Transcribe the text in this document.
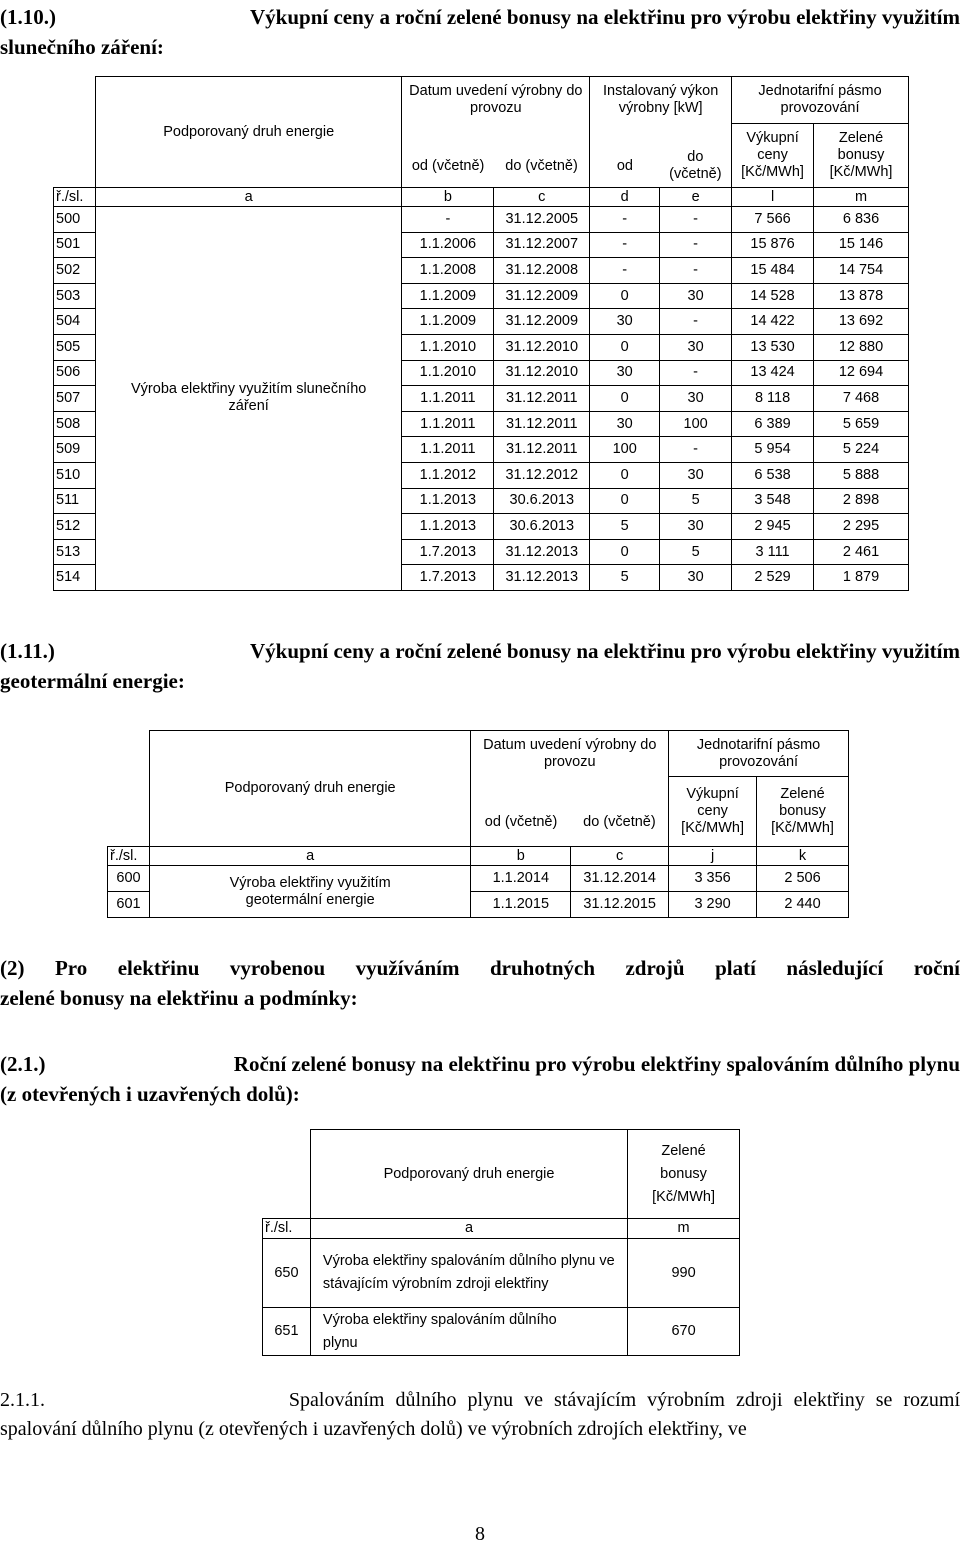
(1.10.)	Výkupní ceny a roční zelené bonusy na elektřinu pro výrobu elektřiny využitím
slunečního záření:
	Podporovaný druh energie	Datum uvedení výrobny do provozu		Instalovaný výkon výrobny [kW]		Jednotarifní pásmo provozování	
						Výkupní ceny [Kč/MWh]	Zelené bonusy [Kč/MWh]
		od (včetně)	do (včetně)	od	do (včetně)		
ř./sl.	a	b	c	d	e	l	m
500	Výroba elektřiny využitím slunečního záření	-	31.12.2005	-	-	7 566	6 836
501		1.1.2006	31.12.2007	-	-	15 876	15 146
502		1.1.2008	31.12.2008	-	-	15 484	14 754
503		1.1.2009	31.12.2009	0	30	14 528	13 878
504		1.1.2009	31.12.2009	30	-	14 422	13 692
505		1.1.2010	31.12.2010	0	30	13 530	12 880
506		1.1.2010	31.12.2010	30	-	13 424	12 694
507		1.1.2011	31.12.2011	0	30	8 118	7 468
508		1.1.2011	31.12.2011	30	100	6 389	5 659
509		1.1.2011	31.12.2011	100	-	5 954	5 224
510		1.1.2012	31.12.2012	0	30	6 538	5 888
511		1.1.2013	30.6.2013	0	5	3 548	2 898
512		1.1.2013	30.6.2013	5	30	2 945	2 295
513		1.7.2013	31.12.2013	0	5	3 111	2 461
514		1.7.2013	31.12.2013	5	30	2 529	1 879
(1.11.)	Výkupní ceny a roční zelené bonusy na elektřinu pro výrobu elektřiny využitím
geotermální energie:
	Podporovaný druh energie	Datum uvedení výrobny do provozu		Jednotarifní pásmo provozování	
				Výkupní ceny [Kč/MWh]	Zelené bonusy [Kč/MWh]
		od (včetně)	do (včetně)		
ř./sl.	a	b	c	j	k
600	Výroba elektřiny využitím geotermální energie	1.1.2014	31.12.2014	3 356	2 506
601		1.1.2015	31.12.2015	3 290	2 440
(2) Pro elektřinu vyrobenou využíváním druhotných zdrojů platí následující roční
zelené bonusy na elektřinu a podmínky:
(2.1.)	Roční zelené bonusy na elektřinu pro výrobu elektřiny spalováním důlního plynu
(z otevřených i uzavřených dolů):
	Podporovaný druh energie	Zelené bonusy [Kč/MWh]
ř./sl.	a	m
650	Výroba elektřiny spalováním důlního plynu ve stávajícím výrobním zdroji elektřiny	990
651	Výroba elektřiny spalováním důlního plynu	670
2.1.1.	Spalováním důlního plynu ve stávajícím výrobním zdroji elektřiny se rozumí
spalování důlního plynu (z otevřených i uzavřených dolů) ve výrobních zdrojích elektřiny, ve
8
